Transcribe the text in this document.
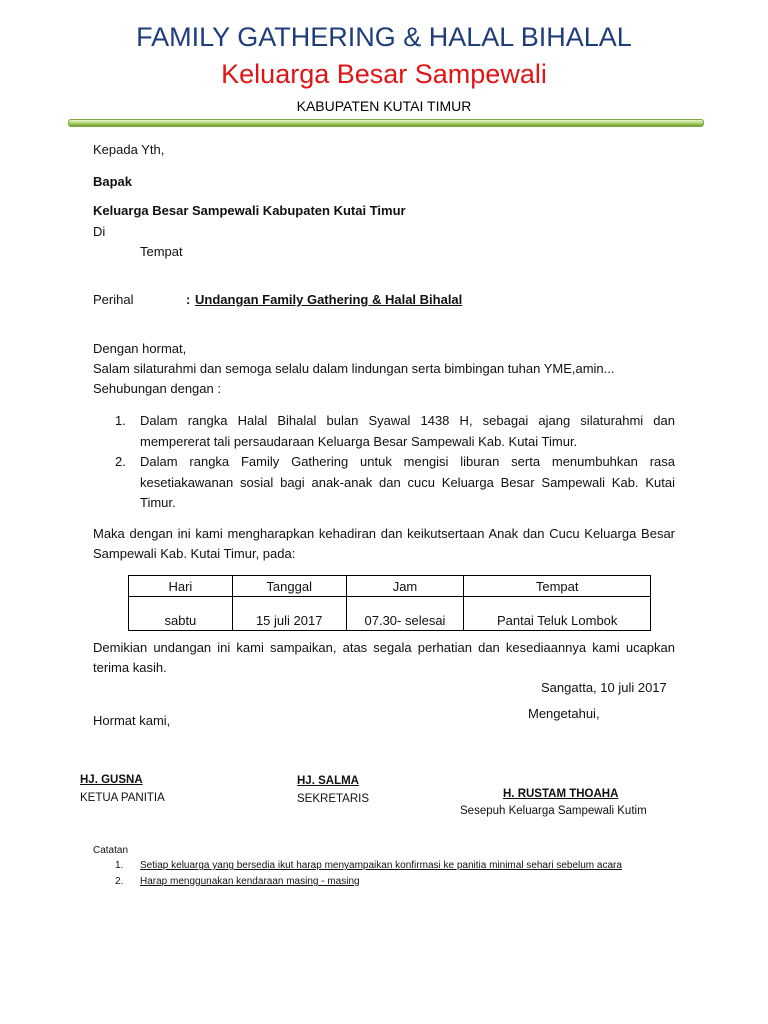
FAMILY GATHERING & HALAL BIHALAL
Keluarga Besar Sampewali
KABUPATEN KUTAI TIMUR
Kepada Yth,
Bapak
Keluarga Besar Sampewali Kabupaten Kutai Timur
Di
Tempat
Perihal	: Undangan Family Gathering & Halal Bihalal
Dengan hormat,
Salam silaturahmi dan semoga selalu dalam lindungan serta bimbingan tuhan YME,amin...
Sehubungan dengan :
1. Dalam rangka Halal Bihalal bulan Syawal 1438 H, sebagai ajang silaturahmi dan mempererat tali persaudaraan Keluarga Besar Sampewali Kab. Kutai Timur.
2. Dalam rangka Family Gathering untuk mengisi liburan serta menumbuhkan rasa kesetiakawanan sosial bagi anak-anak dan cucu Keluarga Besar Sampewali Kab. Kutai Timur.
Maka dengan ini kami mengharapkan kehadiran dan keikutsertaan Anak dan Cucu Keluarga Besar Sampewali Kab. Kutai Timur, pada:
Hari	Tanggal	Jam	Tempat
sabtu	15 juli 2017	07.30- selesai	Pantai Teluk Lombok
Demikian undangan ini kami sampaikan, atas segala perhatian dan kesediaannya kami ucapkan terima kasih.
Sangatta, 10 juli 2017
Hormat kami,	Mengetahui,
HJ. GUSNA
KETUA PANITIA
HJ. SALMA
SEKRETARIS	H. RUSTAM THOAHA
Sesepuh Keluarga Sampewali Kutim
Catatan
1. Setiap keluarga yang bersedia ikut harap menyampaikan konfirmasi ke panitia minimal sehari sebelum acara
2. Harap menggunakan kendaraan masing - masing
